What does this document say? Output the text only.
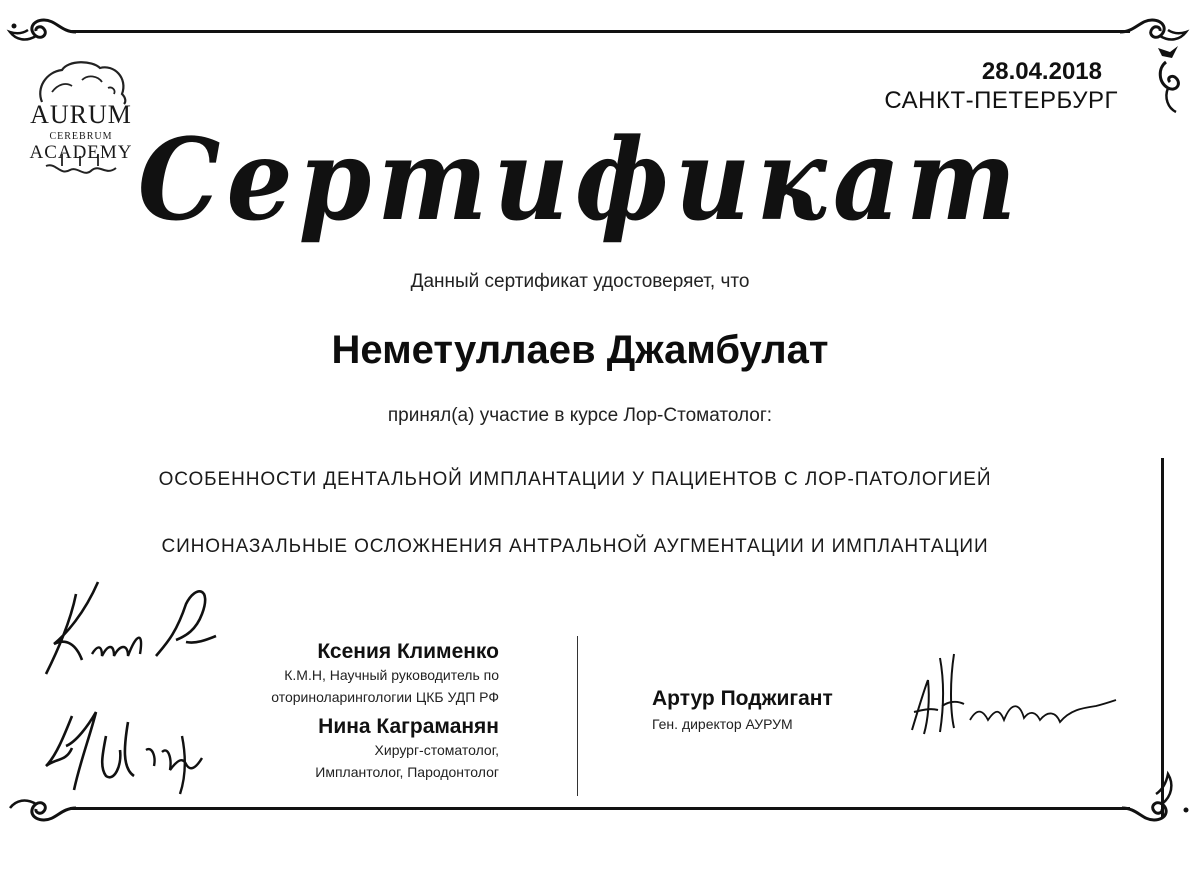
AURUM
CEREBRUM
ACADEMY
28.04.2018
САНКТ-ПЕТЕРБУРГ
Сертификат
Данный сертификат удостоверяет, что
Неметуллаев Джамбулат
принял(а) участие в курсе Лор-Стоматолог:
ОСОБЕННОСТИ ДЕНТАЛЬНОЙ ИМПЛАНТАЦИИ У ПАЦИЕНТОВ С ЛОР-ПАТОЛОГИЕЙ
СИНОНАЗАЛЬНЫЕ ОСЛОЖНЕНИЯ АНТРАЛЬНОЙ АУГМЕНТАЦИИ И ИМПЛАНТАЦИИ
Ксения Клименко
К.М.Н, Научный руководитель по
оториноларингологии ЦКБ УДП РФ
Нина Каграманян
Хирург-стоматолог,
Имплантолог, Пародонтолог
Артур Поджигант
Ген. директор АУРУМ
